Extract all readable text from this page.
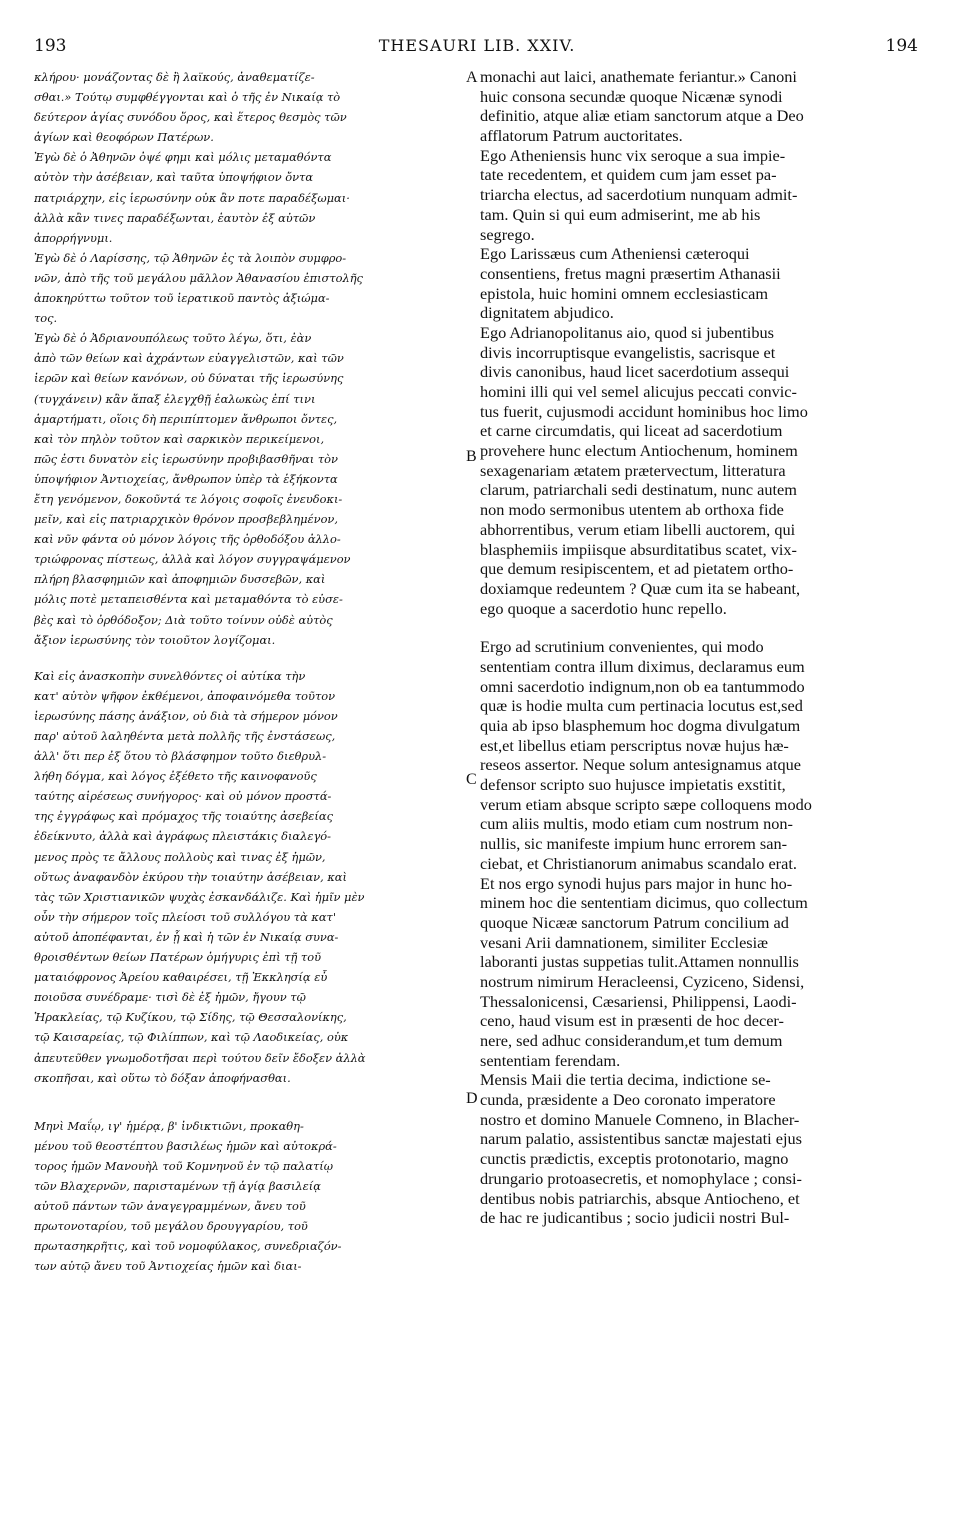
193	THESAURI LIB. XXIV.	194
A
B
C
D
κλήρου· μονάζοντας δὲ ἢ λαϊκούς, ἀναθεματίζε-
σθαι.» Τούτῳ συμφθέγγονται καὶ ὁ τῆς ἐν Νικαίᾳ τὸ
δεύτερον ἁγίας συνόδου ὅρος, καὶ ἕτερος θεσμὸς τῶν
ἁγίων καὶ θεοφόρων Πατέρων.
Ἐγὼ δὲ ὁ Ἀθηνῶν ὀψέ φημι καὶ μόλις μεταμαθόντα
αὐτὸν τὴν ἀσέβειαν, καὶ ταῦτα ὑποψήφιον ὄντα
πατριάρχην, εἰς ἱερωσύνην οὐκ ἂν ποτε παραδέξωμαι·
ἀλλὰ κἂν τινες παραδέξωνται, ἑαυτὸν ἐξ αὐτῶν
ἀπορρήγνυμι.
Ἐγὼ δὲ ὁ Λαρίσσης, τῷ Ἀθηνῶν ἐς τὰ λοιπὸν συμφρο-
νῶν, ἀπὸ τῆς τοῦ μεγάλου μᾶλλον Ἀθανασίου ἐπιστολῆς
ἀποκηρύττω τοῦτον τοῦ ἱερατικοῦ παντὸς ἀξιώμα-
τος.
Ἐγὼ δὲ ὁ Ἀδριανουπόλεως τοῦτο λέγω, ὅτι, ἐὰν
ἀπὸ τῶν θείων καὶ ἀχράντων εὐαγγελιστῶν, καὶ τῶν
ἱερῶν καὶ θείων κανόνων, οὐ δύναται τῆς ἱερωσύνης
(τυγχάνειν) κἂν ἅπαξ ἐλεγχθῇ ἑαλωκὼς ἐπί τινι
ἁμαρτήματι, οἵοις δὴ περιπίπτομεν ἄνθρωποι ὄντες,
καὶ τὸν πηλὸν τοῦτον καὶ σαρκικὸν περικείμενοι,
πῶς ἐστι δυνατὸν εἰς ἱερωσύνην προβιβασθῆναι τὸν
ὑποψήφιον Ἀντιοχείας, ἄνθρωπον ὑπὲρ τὰ ἑξήκοντα
ἔτη γενόμενον, δοκοῦντά τε λόγοις σοφοῖς ἐνευδοκι-
μεῖν, καὶ εἰς πατριαρχικὸν θρόνον προσβεβλημένον,
καὶ νῦν φάντα οὐ μόνον λόγοις τῆς ὀρθοδόξου ἀλλο-
τριώφρονας πίστεως, ἀλλὰ καὶ λόγον συγγραψάμενον
πλήρη βλασφημιῶν καὶ ἀποφημιῶν δυσσεβῶν, καὶ
μόλις ποτὲ μεταπεισθέντα καὶ μεταμαθόντα τὸ εὐσε-
βὲς καὶ τὸ ὀρθόδοξον; Διὰ τοῦτο τοίνυν οὐδὲ αὐτὸς
ἄξιον ἱερωσύνης τὸν τοιοῦτον λογίζομαι.
Καὶ εἰς ἀνασκοπὴν συνελθόντες οἱ αὐτίκα τὴν
κατ' αὐτὸν ψῆφον ἐκθέμενοι, ἀποφαινόμεθα τοῦτον
ἱερωσύνης πάσης ἀνάξιον, οὐ διὰ τὰ σήμερον μόνον
παρ' αὐτοῦ λαληθέντα μετὰ πολλῆς τῆς ἐνστάσεως,
ἀλλ' ὅτι περ ἐξ ὅτου τὸ βλάσφημον τοῦτο διεθρυλ-
λήθη δόγμα, καὶ λόγος ἐξέθετο τῆς καινοφανοῦς
ταύτης αἱρέσεως συνήγορος· καὶ οὐ μόνον προστά-
της ἐγγράφως καὶ πρόμαχος τῆς τοιαύτης ἀσεβείας
ἐδείκνυτο, ἀλλὰ καὶ ἀγράφως πλειστάκις διαλεγό-
μενος πρὸς τε ἄλλους πολλοὺς καὶ τινας ἐξ ἡμῶν,
οὕτως ἀναφανδὸν ἐκύρου τὴν τοιαύτην ἀσέβειαν, καὶ
τὰς τῶν Χριστιανικῶν ψυχὰς ἐσκανδάλιζε. Καὶ ἡμῖν μὲν
οὖν τὴν σήμερον τοῖς πλείοσι τοῦ συλλόγου τὰ κατ'
αὐτοῦ ἀποπέφανται, ἐν ᾗ καὶ ἡ τῶν ἐν Νικαίᾳ συνα-
θροισθέντων θείων Πατέρων ὁμήγυρις ἐπὶ τῇ τοῦ
ματαιόφρονος Ἀρείου καθαιρέσει, τῇ Ἐκκλησίᾳ εὖ
ποιοῦσα συνέδραμε· τισὶ δὲ ἐξ ἡμῶν, ἤγουν τῷ
Ἡρακλείας, τῷ Κυζίκου, τῷ Σίδης, τῷ Θεσσαλονίκης,
τῷ Καισαρείας, τῷ Φιλίππων, καὶ τῷ Λαοδικείας, οὐκ
ἀπευτεῦθεν γνωμοδοτῆσαι περὶ τούτου δεῖν ἔδοξεν ἀλλὰ
σκοπῆσαι, καὶ οὕτω τὸ δόξαν ἀποφήνασθαι.
Μηνὶ Μαΐῳ, ιγ' ἡμέρᾳ, β' ἰνδικτιῶνι, προκαθη-
μένου τοῦ θεοστέπτου βασιλέως ἡμῶν καὶ αὐτοκρά-
τορος ἡμῶν Μανουὴλ τοῦ Κομνηνοῦ ἐν τῷ παλατίῳ
τῶν Βλαχερνῶν, παρισταμένων τῇ ἁγίᾳ βασιλείᾳ
αὐτοῦ πάντων τῶν ἀναγεγραμμένων, ἄνευ τοῦ
πρωτονοταρίου, τοῦ μεγάλου δρουγγαρίου, τοῦ
πρωτασηκρῆτις, καὶ τοῦ νομοφύλακος, συνεδριαζόν-
των αὐτῷ ἄνευ τοῦ Ἀντιοχείας ἡμῶν καὶ διαι-
monachi aut laici, anathemate feriantur.» Canoni
huic consona secundæ quoque Nicænæ synodi
definitio, atque aliæ etiam sanctorum atque a Deo
afflatorum Patrum auctoritates.
Ego Atheniensis hunc vix seroque a sua impie-
tate recedentem, et quidem cum jam esset pa-
triarcha electus, ad sacerdotium nunquam admit-
tam. Quin si qui eum admiserint, me ab his
segrego.
Ego Larissæus cum Atheniensi cæteroqui
consentiens, fretus magni præsertim Athanasii
epistola, huic homini omnem ecclesiasticam
dignitatem abjudico.
Ego Adrianopolitanus aio, quod si jubentibus
divis incorruptisque evangelistis, sacrisque et
divis canonibus, haud licet sacerdotium assequi
homini illi qui vel semel alicujus peccati convic-
tus fuerit, cujusmodi accidunt hominibus hoc limo
et carne circumdatis, qui liceat ad sacerdotium
provehere hunc electum Antiochenum, hominem
sexagenariam ætatem prætervectum, litteratura
clarum, patriarchali sedi destinatum, nunc autem
non modo sermonibus utentem ab orthoxa fide
abhorrentibus, verum etiam libelli auctorem, qui
blasphemiis impiisque absurditatibus scatet, vix-
que demum resipiscentem, et ad pietatem ortho-
doxiamque redeuntem ? Quæ cum ita se habeant,
ego quoque a sacerdotio hunc repello.
Ergo ad scrutinium convenientes, qui modo
sententiam contra illum diximus, declaramus eum
omni sacerdotio indignum,non ob ea tantummodo
quæ is hodie multa cum pertinacia locutus est,sed
quia ab ipso blasphemum hoc dogma divulgatum
est,et libellus etiam perscriptus novæ hujus hæ-
reseos assertor. Neque solum antesignamus atque
defensor scripto suo hujusce impietatis exstitit,
verum etiam absque scripto sæpe colloquens modo
cum aliis multis, modo etiam cum nostrum non-
nullis, sic manifeste impium hunc errorem san-
ciebat, et Christianorum animabus scandalo erat.
Et nos ergo synodi hujus pars major in hunc ho-
minem hoc die sententiam dicimus, quo collectum
quoque Nicææ sanctorum Patrum concilium ad
vesani Arii damnationem, similiter Ecclesiæ
laboranti justas suppetias tulit.Attamen nonnullis
nostrum nimirum Heracleensi, Cyziceno, Sidensi,
Thessalonicensi, Cæsariensi, Philippensi, Laodi-
ceno, haud visum est in præsenti de hoc decer-
nere, sed adhuc considerandum,et tum demum
sententiam ferendam.
Mensis Maii die tertia decima, indictione se-
cunda, præsidente a Deo coronato imperatore
nostro et domino Manuele Comneno, in Blacher-
narum palatio, assistentibus sanctæ majestati ejus
cunctis prædictis, exceptis protonotario, magno
drungario protoasecretis, et nomophylace ; consi-
dentibus nobis patriarchis, absque Antiocheno, et
de hac re judicantibus ; socio judicii nostri Bul-
